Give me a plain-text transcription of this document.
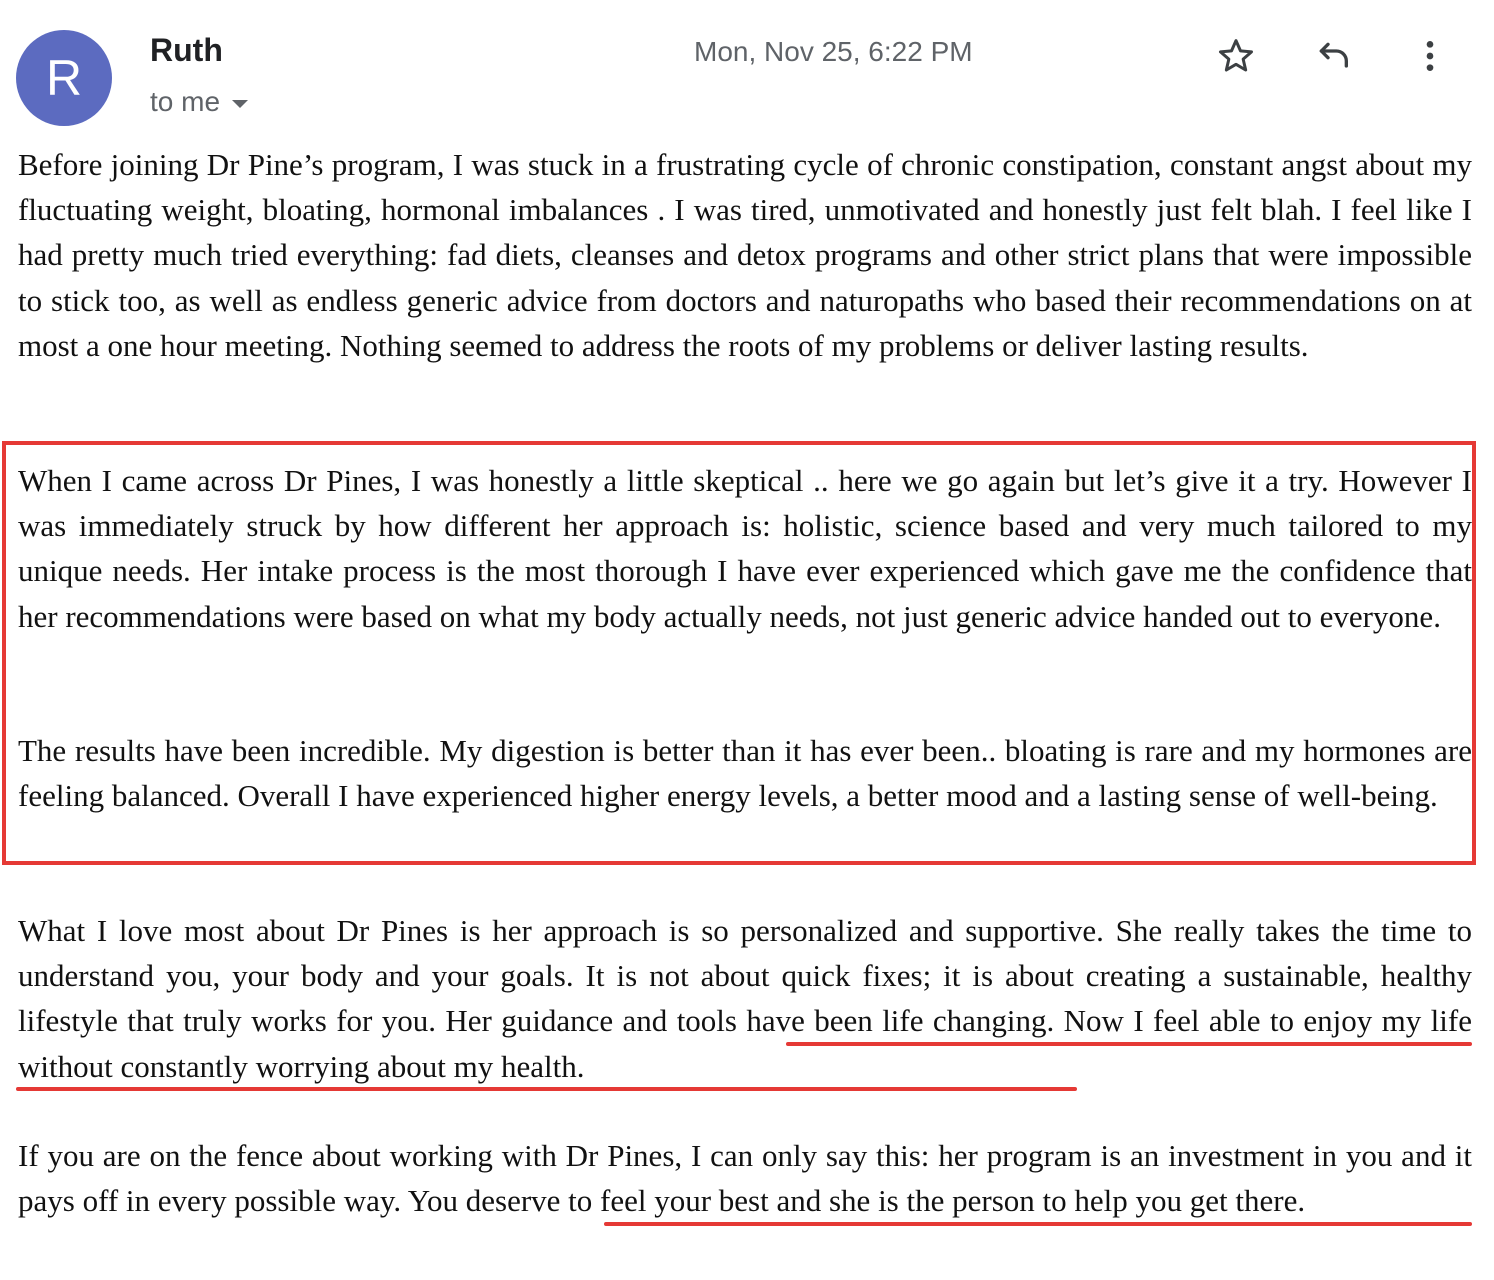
R Ruth
to me
Mon, Nov 25, 6:22 PM

Before joining Dr Pine’s program, I was stuck in a frustrating cycle of chronic constipation, constant angst about my fluctuating weight, bloating, hormonal imbalances . I was tired, unmotivated and honestly just felt blah. I feel like I had pretty much tried everything: fad diets, cleanses and detox programs and other strict plans that were impossible to stick too, as well as endless generic advice from doctors and naturopaths who based their recommendations on at most a one hour meeting. Nothing seemed to address the roots of my problems or deliver lasting results.

When I came across Dr Pines, I was honestly a little skeptical .. here we go again but let’s give it a try. However I was immediately struck by how different her approach is: holistic, science based and very much tailored to my unique needs. Her intake process is the most thorough I have ever experienced which gave me the confidence that her recommendations were based on what my body actually needs, not just generic advice handed out to everyone.

The results have been incredible. My digestion is better than it has ever been.. bloating is rare and my hormones are feeling balanced. Overall I have experienced higher energy levels, a better mood and a lasting sense of well-being.

What I love most about Dr Pines is her approach is so personalized and supportive. She really takes the time to understand you, your body and your goals. It is not about quick fixes; it is about creating a sustainable, healthy lifestyle that truly works for you. Her guidance and tools have been life changing. Now I feel able to enjoy my life without constantly worrying about my health.

If you are on the fence about working with Dr Pines, I can only say this: her program is an investment in you and it pays off in every possible way. You deserve to feel your best and she is the person to help you get there.
